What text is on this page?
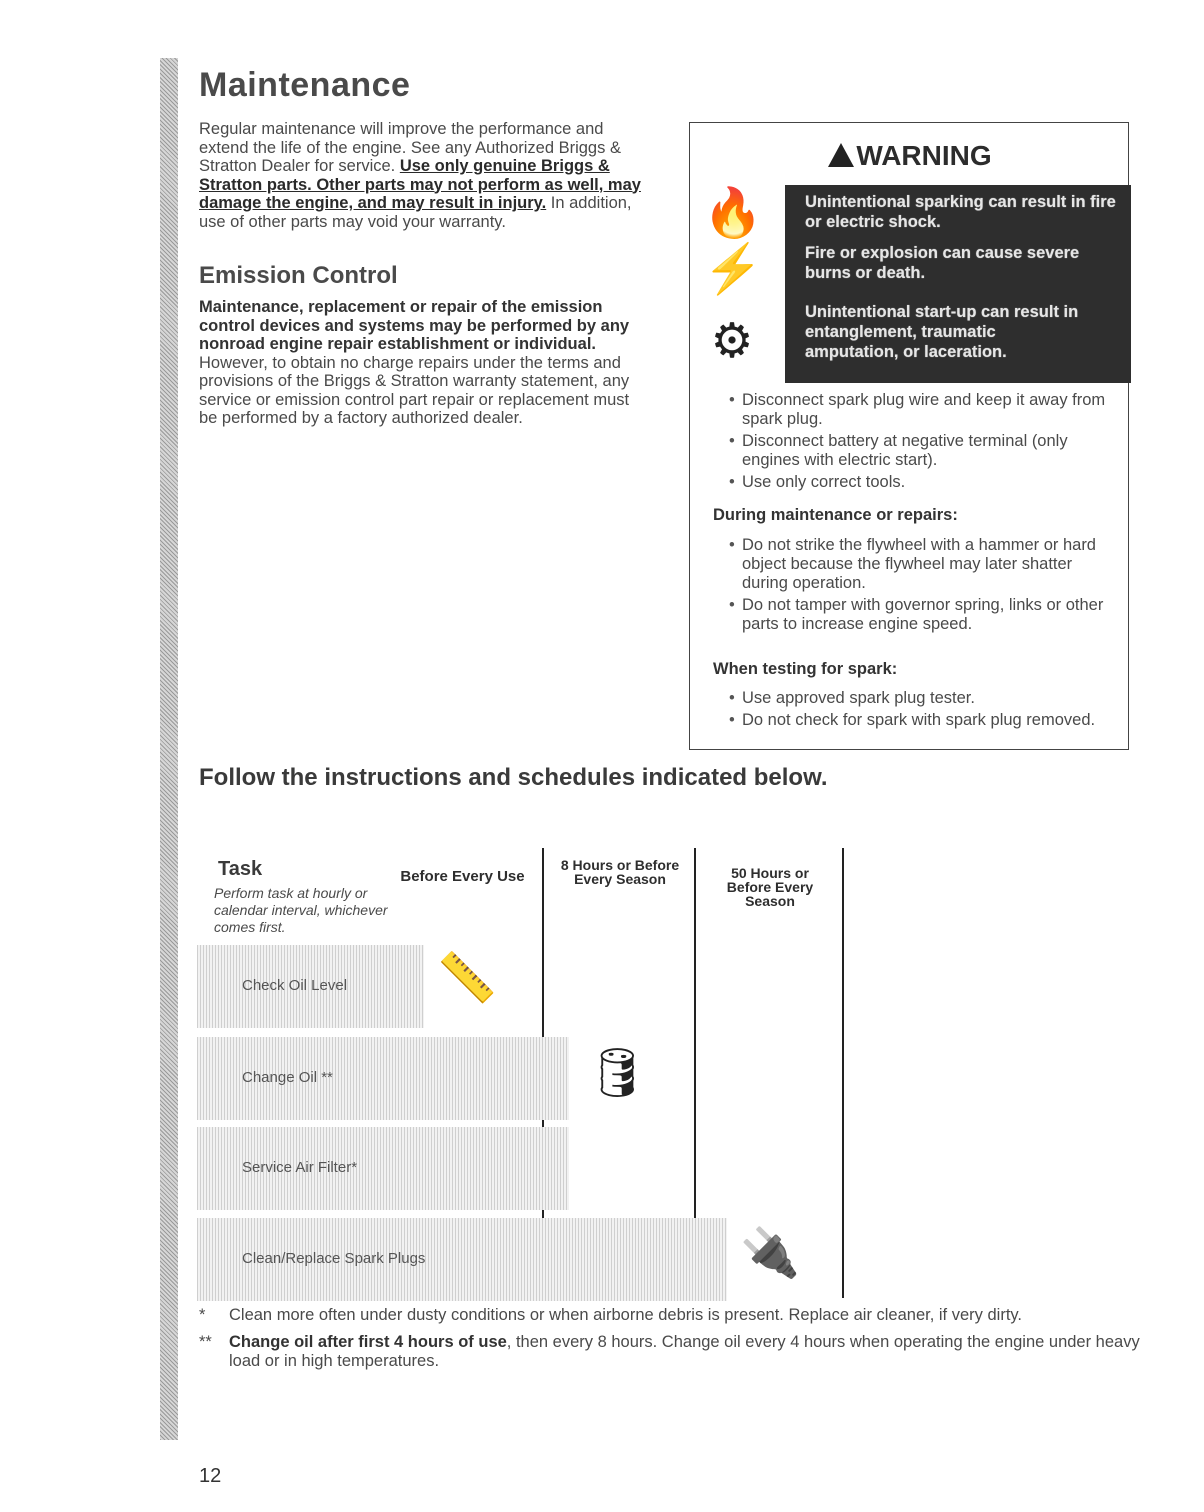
Maintenance
Regular maintenance will improve the performance and extend the life of the engine. See any Authorized Briggs & Stratton Dealer for service. Use only genuine Briggs & Stratton parts. Other parts may not perform as well, may damage the engine, and may result in injury. In addition, use of other parts may void your warranty.
Emission Control
Maintenance, replacement or repair of the emission control devices and systems may be performed by any nonroad engine repair establishment or individual. However, to obtain no charge repairs under the terms and provisions of the Briggs & Stratton warranty statement, any service or emission control part repair or replacement must be performed by a factory authorized dealer.
WARNING
🔥
⚡
⚙
Unintentional sparking can result in fire or electric shock.
Fire or explosion can cause severe burns or death.
Unintentional start-up can result in entanglement, traumatic amputation, or laceration.
• Disconnect spark plug wire and keep it away from spark plug.
• Disconnect battery at negative terminal (only engines with electric start).
• Use only correct tools.
During maintenance or repairs:
• Do not strike the flywheel with a hammer or hard object because the flywheel may later shatter during operation.
• Do not tamper with governor spring, links or other parts to increase engine speed.
When testing for spark:
• Use approved spark plug tester.
• Do not check for spark with spark plug removed.
Follow the instructions and schedules indicated below.
Task
Perform task at hourly or calendar interval, whichever comes first.
Before Every Use
8 Hours or Before Every Season	50 Hours or Before Every Season
Check Oil Level
Change Oil **
Service Air Filter*
Clean/Replace Spark Plugs
📏
🛢
🔌
* Clean more often under dusty conditions or when airborne debris is present. Replace air cleaner, if very dirty.
** Change oil after first 4 hours of use, then every 8 hours. Change oil every 4 hours when operating the engine under heavy load or in high temperatures.
12
